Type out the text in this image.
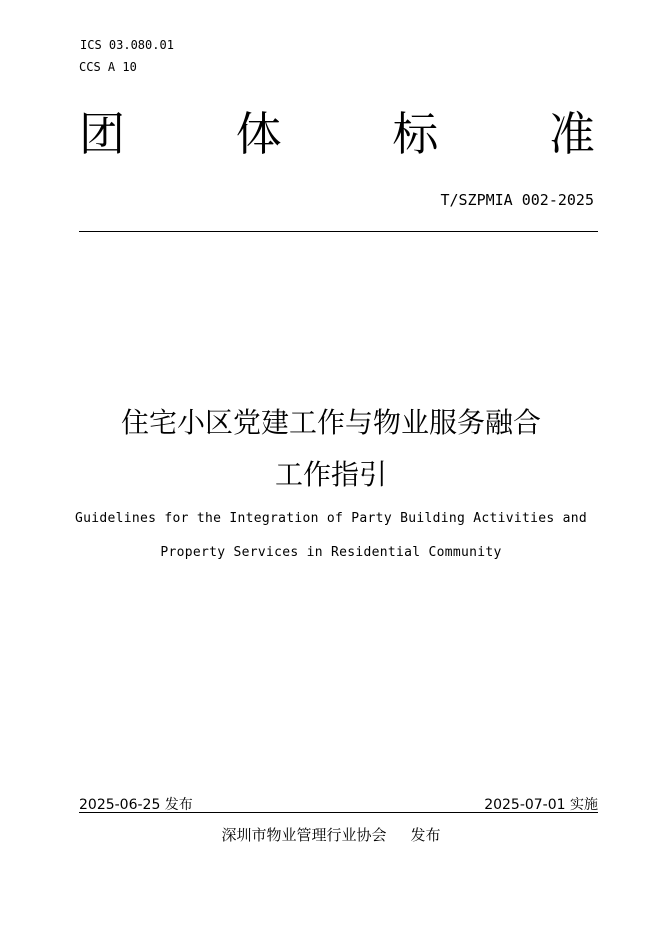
ICS 03.080.01
CCS A 10
团 体 标 准
T/SZPMIA 002-2025
住宅小区党建工作与物业服务融合
工作指引
Guidelines for the Integration of Party Building Activities and
Property Services in Residential Community
2025-06-25 发布	2025-07-01 实施
深圳市物业管理行业协会 发布
